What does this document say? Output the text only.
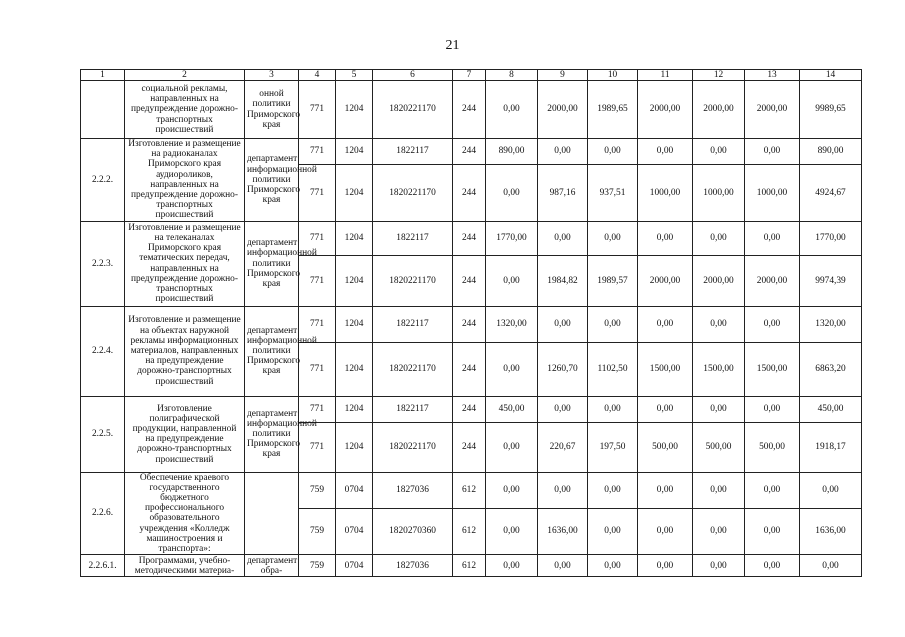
21
1	2	3	4	5	6	7	8	9	10	11	12	13	14
	социальной рекламы, направленных на предупреждение дорожно-транспортных происшествий	онной политики Приморского края	771	1204	1820221170	244	0,00	2000,00	1989,65	2000,00	2000,00	2000,00	9989,65
2.2.2.	Изготовление и размещение на радиоканалах Приморского края аудиороликов, направленных на предупреждение дорожно-транспортных происшествий	департамент информационной политики Приморского края	771	1204	1822117	244	890,00	0,00	0,00	0,00	0,00	0,00	890,00
			771	1204	1820221170	244	0,00	987,16	937,51	1000,00	1000,00	1000,00	4924,67
2.2.3.	Изготовление и размещение на телеканалах Приморского края тематических передач, направленных на предупреждение дорожно-транспортных происшествий	департамент информационной политики Приморского края	771	1204	1822117	244	1770,00	0,00	0,00	0,00	0,00	0,00	1770,00
			771	1204	1820221170	244	0,00	1984,82	1989,57	2000,00	2000,00	2000,00	9974,39
2.2.4.	Изготовление и размещение на объектах наружной рекламы информационных материалов, направленных на предупреждение дорожно-транспортных происшествий	департамент информационной политики Приморского края	771	1204	1822117	244	1320,00	0,00	0,00	0,00	0,00	0,00	1320,00
			771	1204	1820221170	244	0,00	1260,70	1102,50	1500,00	1500,00	1500,00	6863,20
2.2.5.	Изготовление полиграфической продукции, направленной на предупреждение дорожно-транспортных происшествий	департамент информационной политики Приморского края	771	1204	1822117	244	450,00	0,00	0,00	0,00	0,00	0,00	450,00
			771	1204	1820221170	244	0,00	220,67	197,50	500,00	500,00	500,00	1918,17
2.2.6.	Обеспечение краевого государственного бюджетного профессионального образовательного учреждения «Колледж машиностроения и транспорта»:		759	0704	1827036	612	0,00	0,00	0,00	0,00	0,00	0,00	0,00
			759	0704	1820270360	612	0,00	1636,00	0,00	0,00	0,00	0,00	1636,00
2.2.6.1.	Программами, учебно-методическими материа-	департамент обра-	759	0704	1827036	612	0,00	0,00	0,00	0,00	0,00	0,00	0,00
